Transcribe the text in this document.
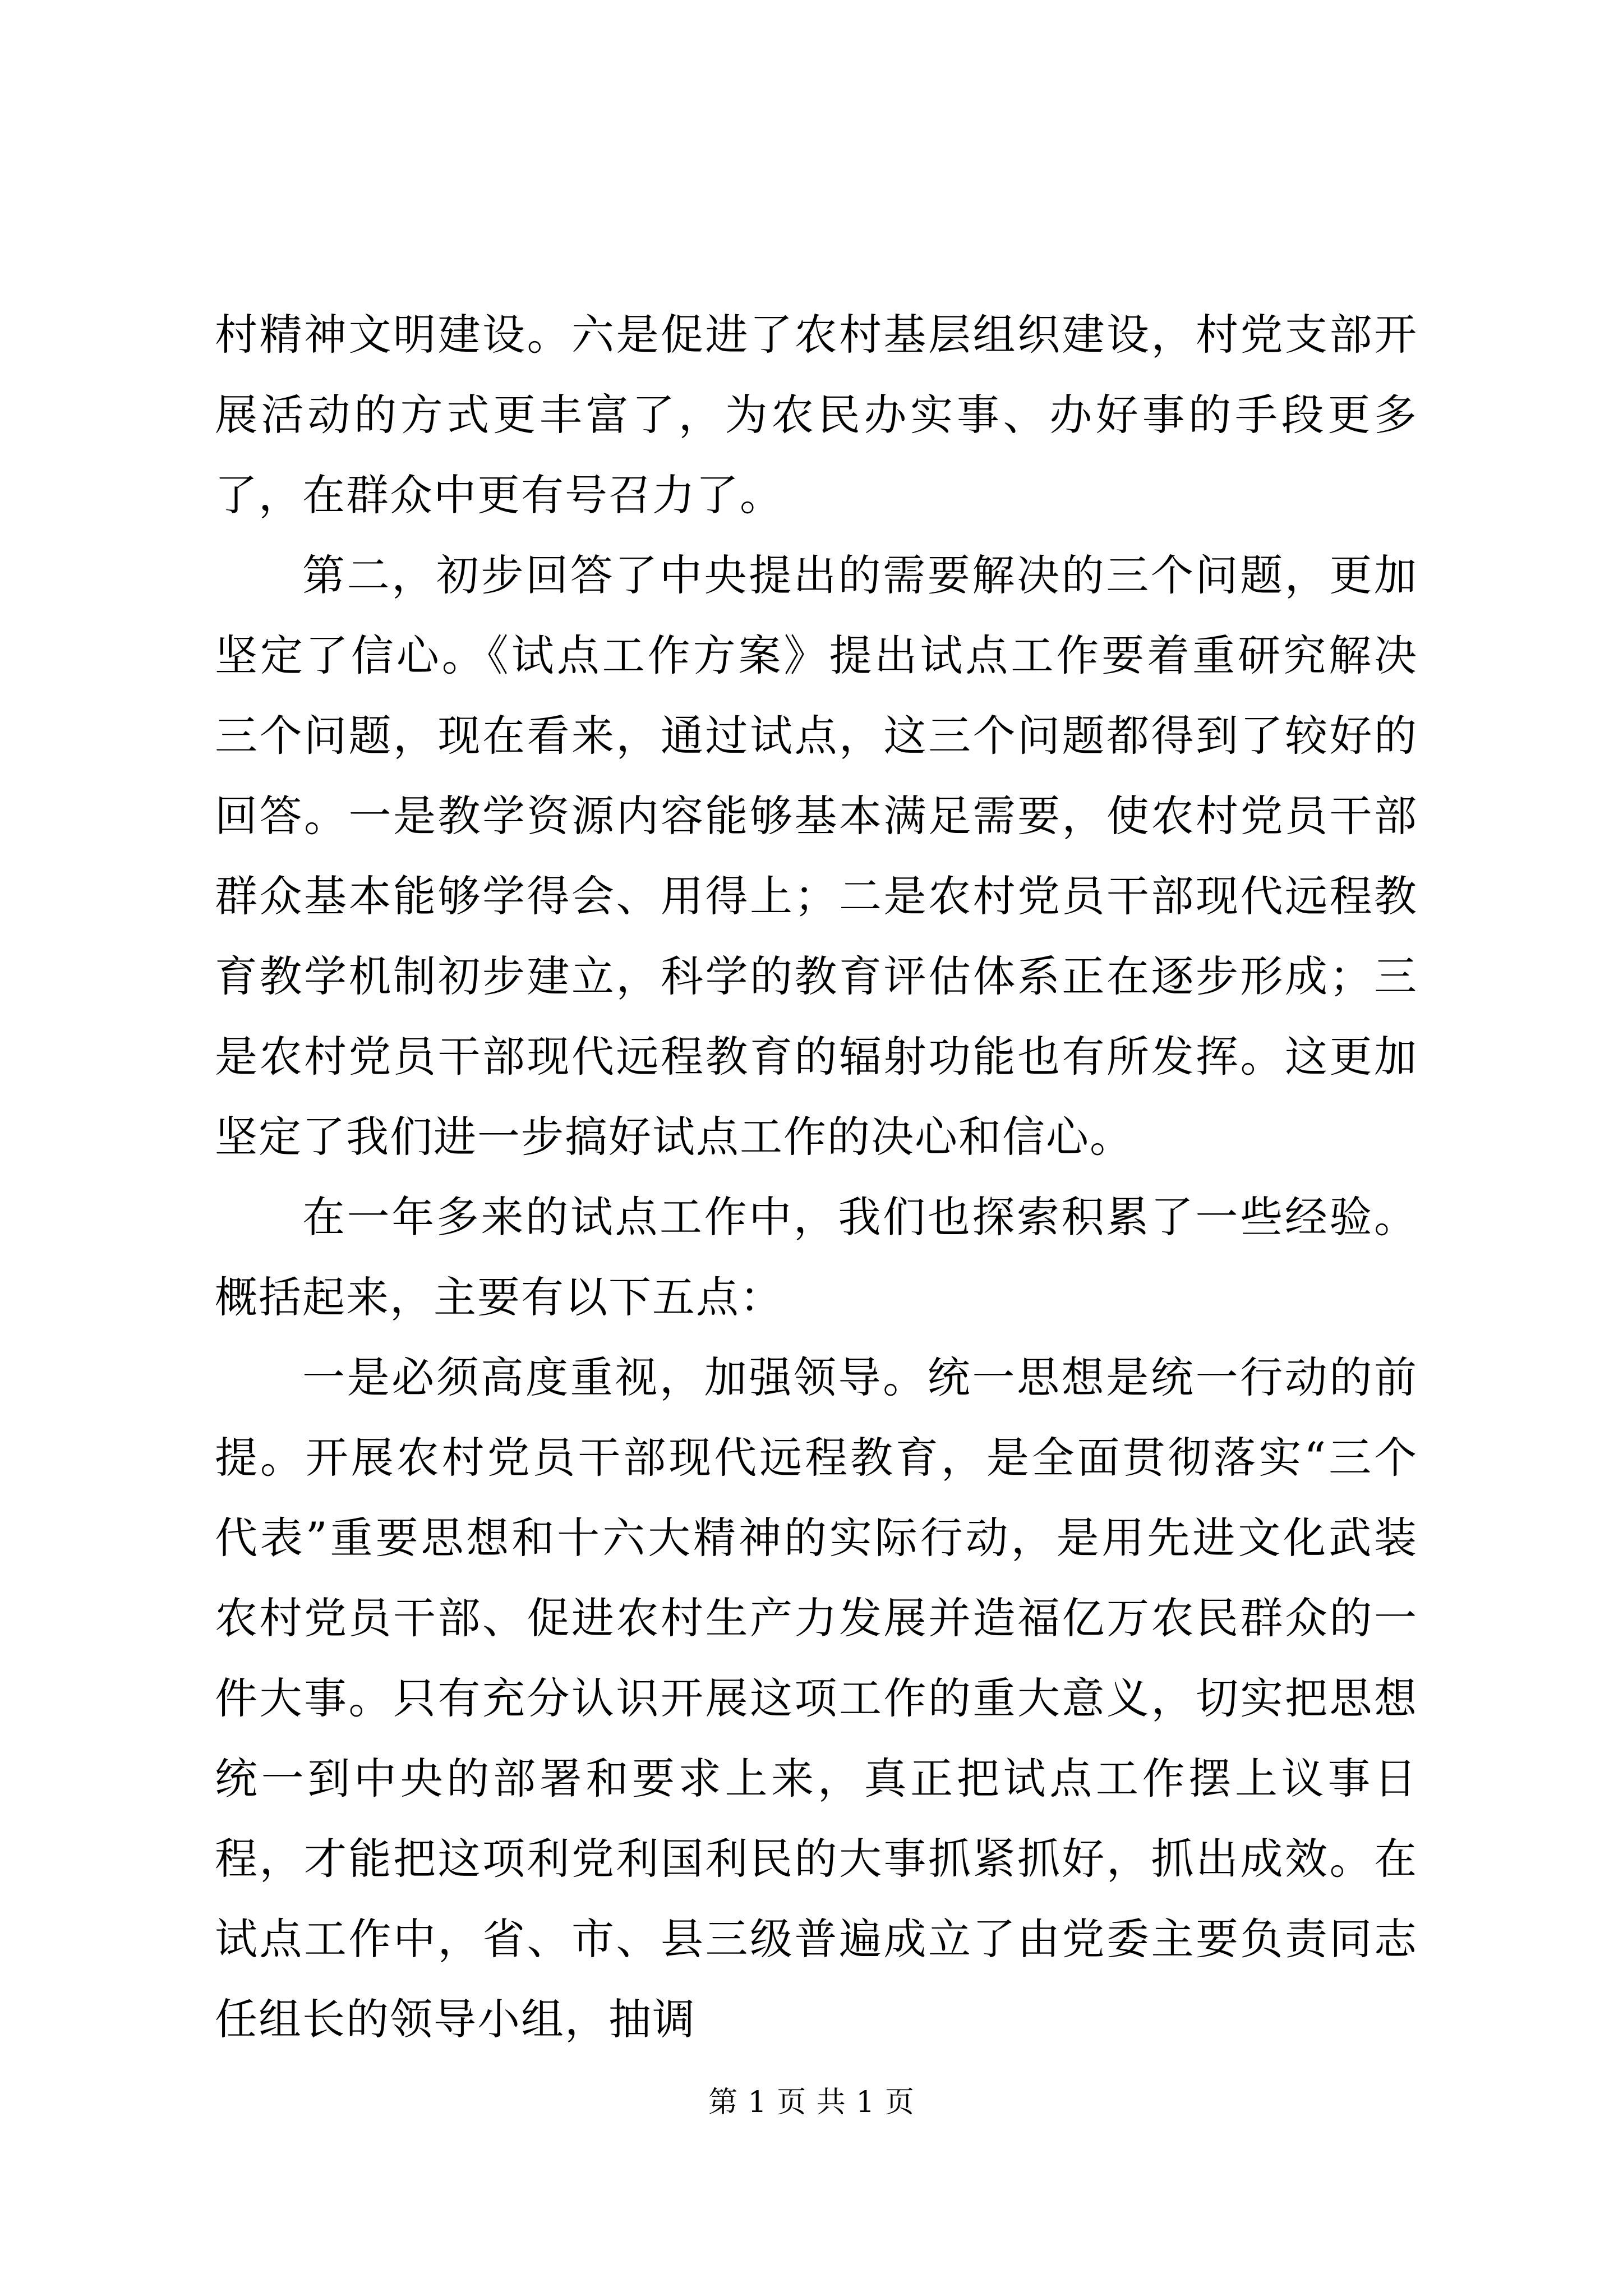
村精神文明建设。六是促进了农村基层组织建设，村党支部开展活动的方式更丰富了，为农民办实事、办好事的手段更多了，在群众中更有号召力了。

第二，初步回答了中央提出的需要解决的三个问题，更加坚定了信心。《试点工作方案》提出试点工作要着重研究解决三个问题，现在看来，通过试点，这三个问题都得到了较好的回答。一是教学资源内容能够基本满足需要，使农村党员干部群众基本能够学得会、用得上；二是农村党员干部现代远程教育教学机制初步建立，科学的教育评估体系正在逐步形成；三是农村党员干部现代远程教育的辐射功能也有所发挥。这更加坚定了我们进一步搞好试点工作的决心和信心。

在一年多来的试点工作中，我们也探索积累了一些经验。概括起来，主要有以下五点：

一是必须高度重视，加强领导。统一思想是统一行动的前提。开展农村党员干部现代远程教育，是全面贯彻落实“三个代表”重要思想和十六大精神的实际行动，是用先进文化武装农村党员干部、促进农村生产力发展并造福亿万农民群众的一件大事。只有充分认识开展这项工作的重大意义，切实把思想统一到中央的部署和要求上来，真正把试点工作摆上议事日程，才能把这项利党利国利民的大事抓紧抓好，抓出成效。在试点工作中，省、市、县三级普遍成立了由党委主要负责同志任组长的领导小组，抽调

第 1 页 共 1 页
